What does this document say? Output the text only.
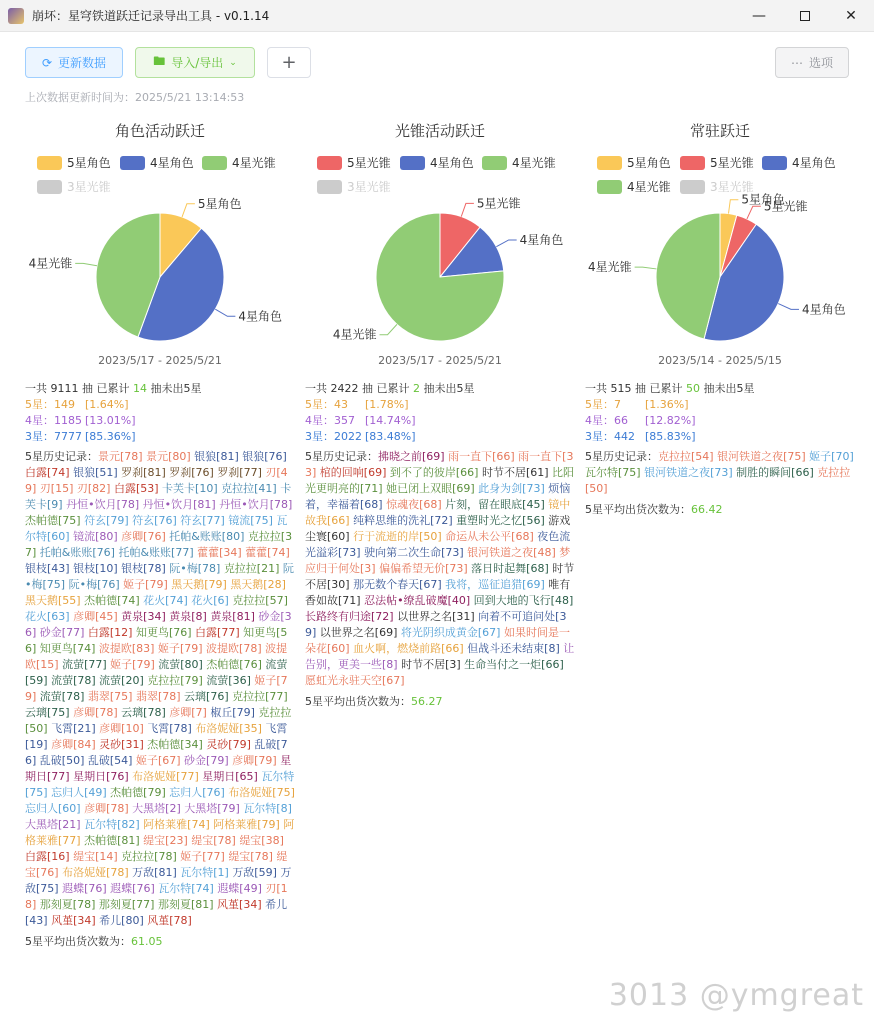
崩坏：星穹铁道跃迁记录导出工具 - v0.1.14	—	✕
⟳ 更新数据	🖿 导入/导出 ⌄ +	⋯ 选项
上次数据更新时间为：2025/5/21 13:14:53
角色活动跃迁
5星角色	4星角色	4星光锥
3星光锥
5星角色
4星角色
4星光锥
2023/5/17 - 2025/5/21
一共 9111 抽 已累计 14 抽未出5星
5星：149 [1.64%]
4星：1185 [13.01%]
3星：7777 [85.36%]
5星历史记录：景元[78] 景元[80] 银狼[81] 银狼[76] 白露[74] 银狼[51] 罗刹[81] 罗刹[76] 罗刹[77] 刃[49] 刃[15] 刃[82] 白露[53] 卡芙卡[10] 克拉拉[41] 卡芙卡[9] 丹恒•饮月[78] 丹恒•饮月[81] 丹恒•饮月[78] 杰帕德[75] 符玄[79] 符玄[76] 符玄[77] 镜流[75] 瓦尔特[60] 镜流[80] 彦卿[76] 托帕&账账[80] 克拉拉[37] 托帕&账账[76] 托帕&账账[77] 藿藿[34] 藿藿[74] 银枝[43] 银枝[10] 银枝[78] 阮•梅[78] 克拉拉[21] 阮•梅[75] 阮•梅[76] 姬子[79] 黑天鹅[79] 黑天鹅[28] 黑天鹅[55] 杰帕德[74] 花火[74] 花火[6] 克拉拉[57] 花火[63] 彦卿[45] 黄泉[34] 黄泉[8] 黄泉[81] 砂金[36] 砂金[77] 白露[12] 知更鸟[76] 白露[77] 知更鸟[56] 知更鸟[74] 波提欧[83] 姬子[79] 波提欧[78] 波提欧[15] 流萤[77] 姬子[79] 流萤[80] 杰帕德[76] 流萤[59] 流萤[78] 流萤[20] 克拉拉[79] 流萤[36] 姬子[79] 流萤[78] 翡翠[75] 翡翠[78] 云璃[76] 克拉拉[77] 云璃[75] 彦卿[78] 云璃[78] 彦卿[7] 椒丘[79] 克拉拉[50] 飞霄[21] 彦卿[10] 飞霄[78] 布洛妮娅[35] 飞霄[19] 彦卿[84] 灵砂[31] 杰帕德[34] 灵砂[79] 乱破[76] 乱破[50] 乱破[54] 姬子[67] 砂金[79] 彦卿[79] 星期日[77] 星期日[76] 布洛妮娅[77] 星期日[65] 瓦尔特[75] 忘归人[49] 杰帕德[79] 忘归人[76] 布洛妮娅[75] 忘归人[60] 彦卿[78] 大黑塔[2] 大黑塔[79] 瓦尔特[8] 大黑塔[21] 瓦尔特[82] 阿格莱雅[74] 阿格莱雅[79] 阿格莱雅[77] 杰帕德[81] 缇宝[23] 缇宝[78] 缇宝[38] 白露[16] 缇宝[14] 克拉拉[78] 姬子[77] 缇宝[78] 缇宝[76] 布洛妮娅[78] 万敌[81] 瓦尔特[1] 万敌[59] 万敌[75] 遐蝶[76] 遐蝶[76] 瓦尔特[74] 遐蝶[49] 刃[18] 那刻夏[78] 那刻夏[77] 那刻夏[81] 风堇[34] 希儿[43] 风堇[34] 希儿[80] 风堇[78]
5星平均出货次数为：61.05
光锥活动跃迁
5星光锥	4星角色	4星光锥
3星光锥
5星光锥
4星角色
4星光锥
2023/5/17 - 2025/5/21
一共 2422 抽 已累计 2 抽未出5星
5星：43 [1.78%]
4星：357 [14.74%]
3星：2022 [83.48%]
5星历史记录：拂晓之前[69] 雨一直下[66] 雨一直下[33] 棺的回响[69] 到不了的彼岸[66] 时节不居[61] 比阳光更明亮的[71] 她已闭上双眼[69] 此身为剑[73] 烦恼着，幸福着[68] 惊魂夜[68] 片刻，留在眼底[45] 镜中故我[66] 纯粹思维的洗礼[72] 重塑时光之忆[56] 游戏尘寰[60] 行于流逝的岸[50] 命运从未公平[68] 夜色流光溢彩[73] 驶向第二次生命[73] 银河铁道之夜[48] 梦应归于何处[3] 偏偏希望无价[73] 落日时起舞[68] 时节不居[30] 那无数个春天[67] 我将，巡征追猎[69] 唯有香如故[71] 忍法帖•缭乱破魔[40] 回到大地的飞行[48] 长路终有归途[72] 以世界之名[31] 向着不可追问处[39] 以世界之名[69] 将光阴织成黄金[67] 如果时间是一朵花[60] 血火啊，燃烧前路[66] 但战斗还未结束[8] 让告别，更美一些[8] 时节不居[3] 生命当付之一炬[66] 愿虹光永驻天空[67]
5星平均出货次数为：56.27
常驻跃迁
5星角色	5星光锥	4星角色
4星光锥	3星光锥
5星角色
5星光锥
4星角色
4星光锥
2023/5/14 - 2025/5/15
一共 515 抽 已累计 50 抽未出5星
5星：7 [1.36%]
4星：66 [12.82%]
3星：442 [85.83%]
5星历史记录：克拉拉[54] 银河铁道之夜[75] 姬子[70] 瓦尔特[75] 银河铁道之夜[73] 制胜的瞬间[66] 克拉拉[50]
5星平均出货次数为：66.42
3013 @ymgreat
